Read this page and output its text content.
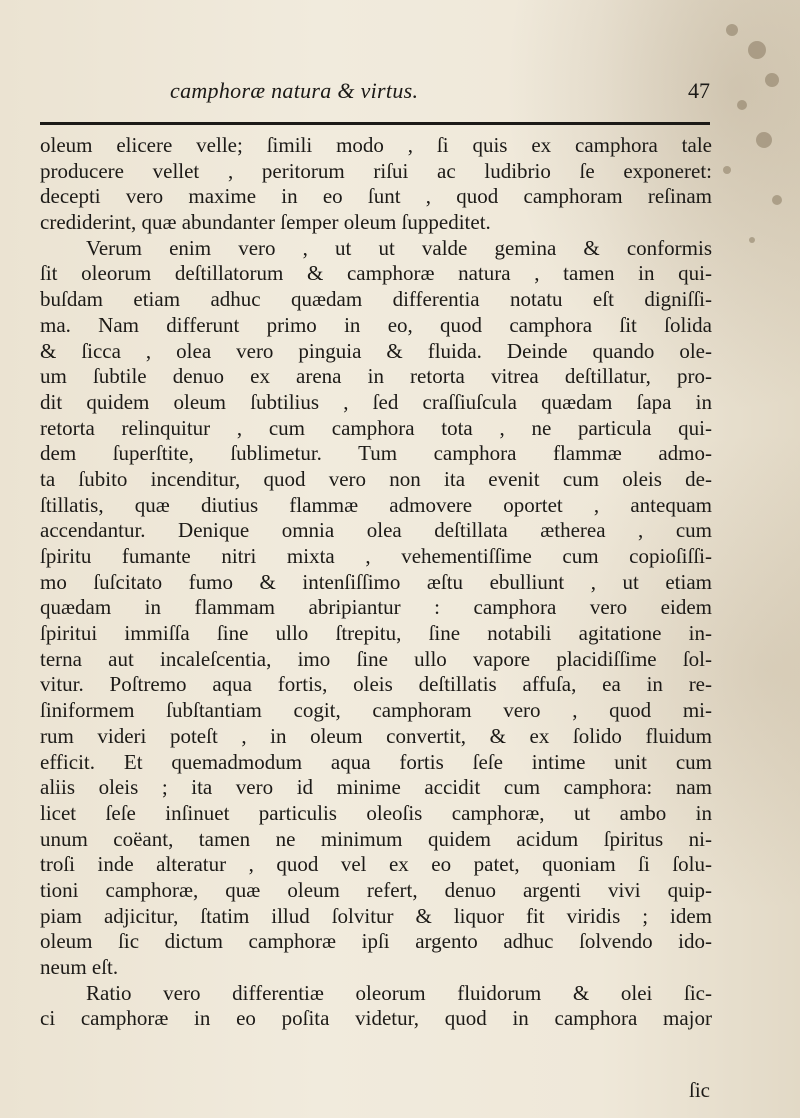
camphoræ natura & virtus.	47
oleum elicere velle; ſimili modo , ſi quis ex camphora tale
producere vellet , peritorum riſui ac ludibrio ſe exponeret:
decepti vero maxime in eo ſunt , quod camphoram reſinam
crediderint, quæ abundanter ſemper oleum ſuppeditet.
Verum enim vero , ut ut valde gemina & conformis
ſit oleorum deſtillatorum & camphoræ natura , tamen in qui-
buſdam etiam adhuc quædam differentia notatu eſt digniſſi-
ma. Nam differunt primo in eo, quod camphora ſit ſolida
& ſicca , olea vero pinguia & fluida. Deinde quando ole-
um ſubtile denuo ex arena in retorta vitrea deſtillatur, pro-
dit quidem oleum ſubtilius , ſed craſſiuſcula quædam ſapa in
retorta relinquitur , cum camphora tota , ne particula qui-
dem ſuperſtite, ſublimetur. Tum camphora flammæ admo-
ta ſubito incenditur, quod vero non ita evenit cum oleis de-
ſtillatis, quæ diutius flammæ admovere oportet , antequam
accendantur. Denique omnia olea deſtillata ætherea , cum
ſpiritu fumante nitri mixta , vehementiſſime cum copioſiſſi-
mo ſuſcitato fumo & intenſiſſimo æſtu ebulliunt , ut etiam
quædam in flammam abripiantur : camphora vero eidem
ſpiritui immiſſa ſine ullo ſtrepitu, ſine notabili agitatione in-
terna aut incaleſcentia, imo ſine ullo vapore placidiſſime ſol-
vitur. Poſtremo aqua fortis, oleis deſtillatis affuſa, ea in re-
ſiniformem ſubſtantiam cogit, camphoram vero , quod mi-
rum videri poteſt , in oleum convertit, & ex ſolido fluidum
efficit. Et quemadmodum aqua fortis ſeſe intime unit cum
aliis oleis ; ita vero id minime accidit cum camphora: nam
licet ſeſe inſinuet particulis oleoſis camphoræ, ut ambo in
unum coëant, tamen ne minimum quidem acidum ſpiritus ni-
troſi inde alteratur , quod vel ex eo patet, quoniam ſi ſolu-
tioni camphoræ, quæ oleum refert, denuo argenti vivi quip-
piam adjicitur, ſtatim illud ſolvitur & liquor fit viridis ; idem
oleum ſic dictum camphoræ ipſi argento adhuc ſolvendo ido-
neum eſt.
Ratio vero differentiæ oleorum fluidorum & olei ſic-
ci camphoræ in eo poſita videtur, quod in camphora major
ſic
